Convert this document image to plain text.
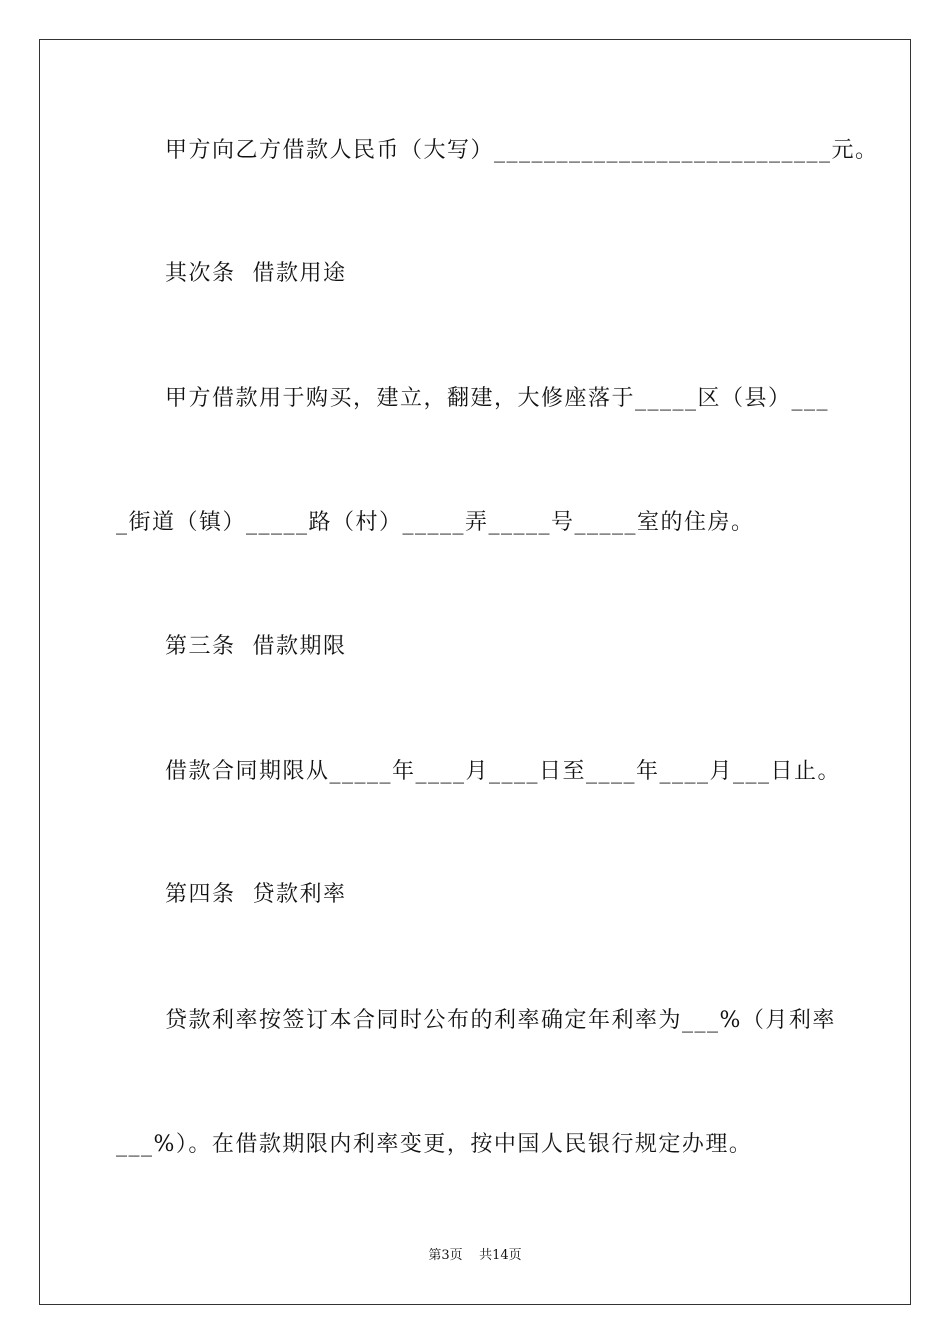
甲方向乙方借款人民币（大写）___________________________元。
其次条  借款用途
甲方借款用于购买，建立，翻建，大修座落于_____区（县）___
_街道（镇）_____路（村）_____弄_____号_____室的住房。
第三条  借款期限
借款合同期限从_____年____月____日至____年____月___日止。
第四条  贷款利率
贷款利率按签订本合同时公布的利率确定年利率为___%（月利率
___%）。在借款期限内利率变更，按中国人民银行规定办理。
第3页    共14页
